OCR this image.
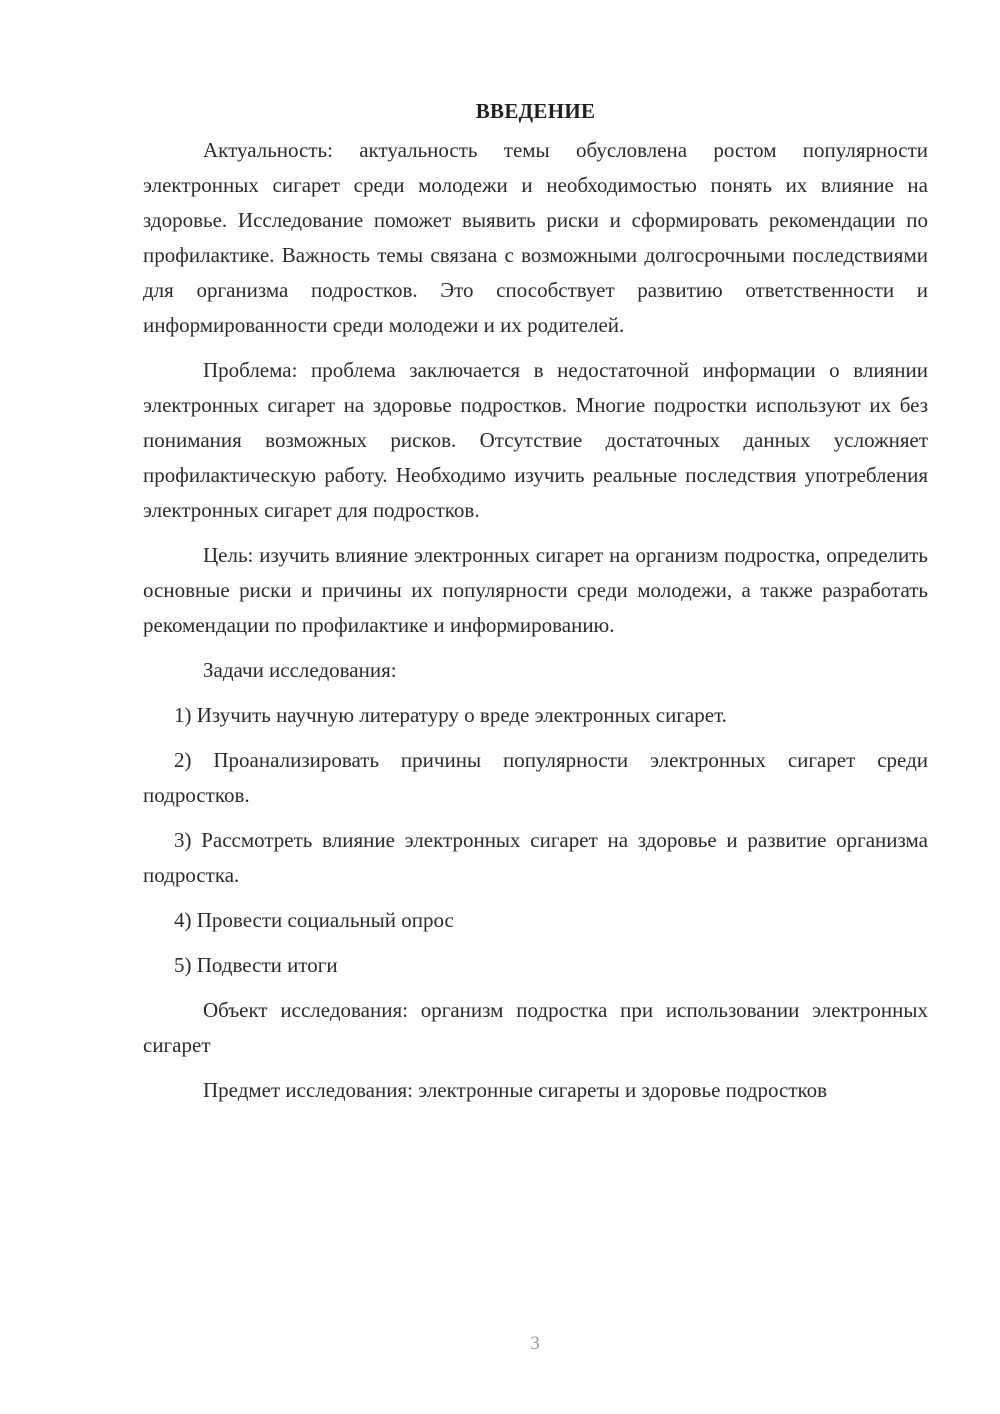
ВВЕДЕНИЕ

Актуальность: актуальность темы обусловлена ростом популярности электронных сигарет среди молодежи и необходимостью понять их влияние на здоровье. Исследование поможет выявить риски и сформировать рекомендации по профилактике. Важность темы связана с возможными долгосрочными последствиями для организма подростков. Это способствует развитию ответственности и информированности среди молодежи и их родителей.

Проблема: проблема заключается в недостаточной информации о влиянии электронных сигарет на здоровье подростков. Многие подростки используют их без понимания возможных рисков. Отсутствие достаточных данных усложняет профилактическую работу. Необходимо изучить реальные последствия употребления электронных сигарет для подростков.

Цель: изучить влияние электронных сигарет на организм подростка, определить основные риски и причины их популярности среди молодежи, а также разработать рекомендации по профилактике и информированию.

Задачи исследования:

1) Изучить научную литературу о вреде электронных сигарет.

2) Проанализировать причины популярности электронных сигарет среди подростков.

3) Рассмотреть влияние электронных сигарет на здоровье и развитие организма подростка.

4) Провести социальный опрос

5) Подвести итоги

Объект исследования: организм подростка при использовании электронных сигарет

Предмет исследования: электронные сигареты и здоровье подростков

3
